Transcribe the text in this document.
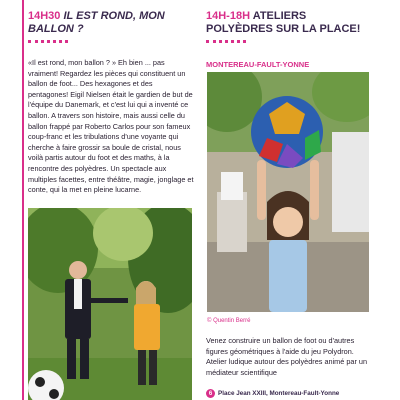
14H30 IL EST ROND, MON BALLON ?
«Il est rond, mon ballon ? » Eh bien ... pas vraiment! Regardez les pièces qui constituent un ballon de foot... Des hexagones et des pentagones! Eigil Nielsen était le gardien de but de l'équipe du Danemark, et c'est lui qui a inventé ce ballon. A travers son histoire, mais aussi celle du ballon frappé par Roberto Carlos pour son fameux coup-franc et les tribulations d'une voyante qui cherche à faire grossir sa boule de cristal, nous voilà partis autour du foot et des maths, à la rencontre des polyèdres. Un spectacle aux multiples facettes, entre théâtre, magie, jonglage et conte, qui la met en pleine lucarne.
14H-18H ATELIERS POLYÈDRES SUR LA PLACE!
MONTEREAU-FAULT-YONNE
© Quentin Berré
Venez construire un ballon de foot ou d'autres figures géométriques à l'aide du jeu Polydron. Atelier ludique autour des polyèdres animé par un médiateur scientifique
6 Place Jean XXIII, Montereau-Fault-Yonne
